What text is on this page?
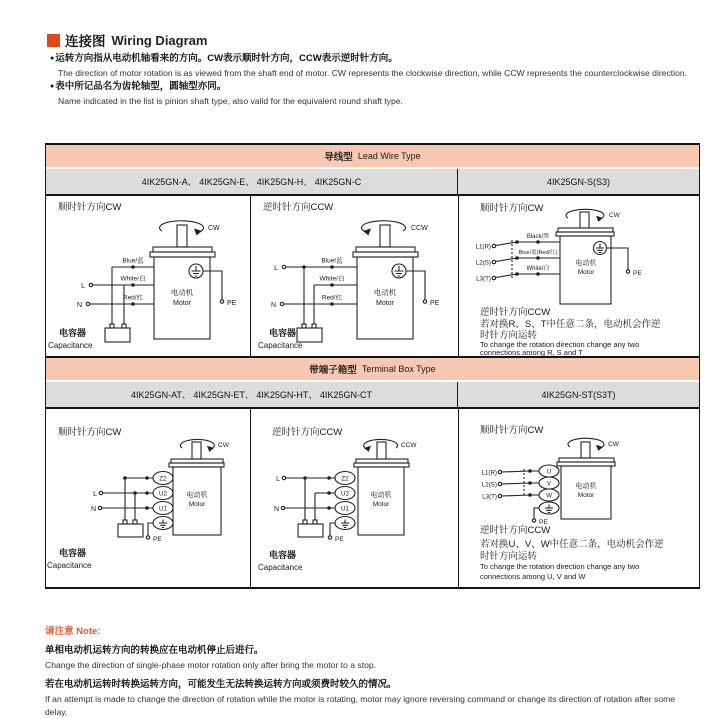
连接图 Wiring Diagram
●运转方向指从电动机轴看来的方向。CW表示顺时针方向，CCW表示逆时针方向。
The direction of motor rotation is as viewed from the shaft end of motor. CW represents the clockwise direction, while CCW represents the counterclockwise direction.
●表中所记品名为齿轮轴型，圆轴型亦同。
Name indicated in the list is pinion shaft type, also valid for the equivalent round shaft type.
导线型 Lead Wire Type
4IK25GN-A、 4IK25GN-E、 4IK25GN-H、 4IK25GN-C	4IK25GN-S(S3)
顺时针方向CW
CW
电动机
Motor	PE
Blue/蓝
White/白
Red/红
L
N
电容器
Capacitance
逆时针方向CCW
CCW
电动机
Motor	PE
Blue/蓝
White/白
Red/红
L
N
电容器
Capacitance
顺时针方向CW
CW
电动机
Motor	PE
L1(R)
L2(S)
L3(T)
Black/黑
Blue/蓝(Red/红)
White/白
逆时针方向CCW
若对换R、S、T中任意二条，电动机会作逆
时针方向运转
To change the rotation direction change any two
connections among R, S and T
带端子箱型 Terminal Box Type
4IK25GN-AT、 4IK25GN-ET、 4IK25GN-HT、 4IK25GN-CT	4IK25GN-ST(S3T)
顺时针方向CW
CW
电动机
Motor
Z2
U2
U1
L
N
PE
电容器
Capacitance
逆时针方向CCW
CCW
电动机
Motor
Z2
U2
U1
L
N
PE
电容器
Capacitance
顺时针方向CW
CW
电动机
Motor
U
V
W
L1(R)
L2(S)
L3(T)
PE
逆时针方向CCW
若对换U、V、W中任意二条，电动机会作逆
时针方向运转
To change the rotation direction change any two
connections among U, V and W
请注意 Note:
单相电动机运转方向的转换应在电动机停止后进行。
Change the direction of single-phase motor rotation only after bring the motor to a stop.
若在电动机运转时转换运转方向，可能发生无法转换运转方向或须费时较久的情况。
If an attempt is made to change the direction of rotation while the motor is rotating, motor may ignore reversing command or change its direction of rotation after some delay.
